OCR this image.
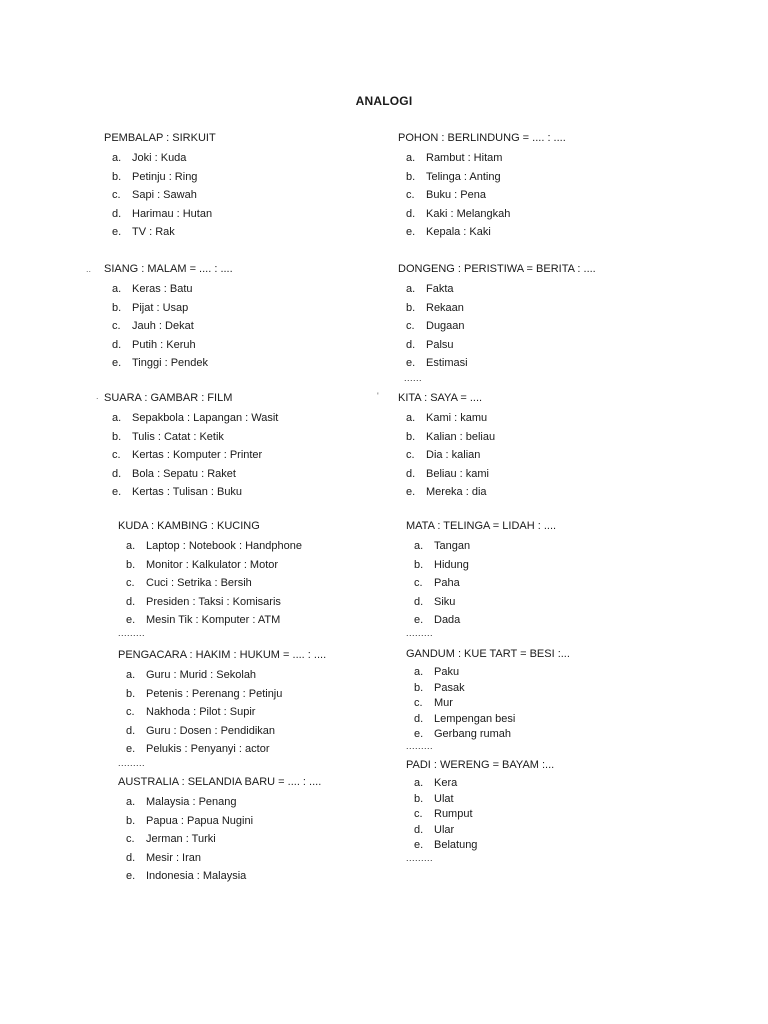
ANALOGI
..
.
PEMBALAP : SIRKUIT
a. Joki : Kuda
b. Petinju : Ring
c. Sapi : Sawah
d. Harimau : Hutan
e. TV : Rak
SIANG : MALAM = .... : ....
a. Keras : Batu
b. Pijat : Usap
c. Jauh : Dekat
d. Putih : Keruh
e. Tinggi : Pendek
SUARA : GAMBAR : FILM
a. Sepakbola : Lapangan : Wasit
b. Tulis : Catat : Ketik
c. Kertas : Komputer : Printer
d. Bola : Sepatu : Raket
e. Kertas : Tulisan : Buku
KUDA : KAMBING : KUCING
a. Laptop : Notebook : Handphone
b. Monitor : Kalkulator : Motor
c. Cuci : Setrika : Bersih
d. Presiden : Taksi : Komisaris
e. Mesin Tik : Komputer : ATM
.........
PENGACARA : HAKIM : HUKUM = .... : ....
a. Guru : Murid : Sekolah
b. Petenis : Perenang : Petinju
c. Nakhoda : Pilot : Supir
d. Guru : Dosen : Pendidikan
e. Pelukis : Penyanyi : actor
.........
AUSTRALIA : SELANDIA BARU = .... : ....
a. Malaysia : Penang
b. Papua : Papua Nugini
c. Jerman : Turki
d. Mesir : Iran
e. Indonesia : Malaysia
'
POHON : BERLINDUNG = .... : ....
a. Rambut : Hitam
b. Telinga : Anting
c. Buku : Pena
d. Kaki : Melangkah
e. Kepala : Kaki
DONGENG : PERISTIWA = BERITA : ....
a. Fakta
b. Rekaan
c. Dugaan
d. Palsu
e. Estimasi
......
KITA : SAYA = ....
a. Kami : kamu
b. Kalian : beliau
c. Dia : kalian
d. Beliau : kami
e. Mereka : dia
MATA : TELINGA = LIDAH : ....
a. Tangan
b. Hidung
c. Paha
d. Siku
e. Dada
.........
GANDUM : KUE TART = BESI :...
a. Paku
b. Pasak
c. Mur
d. Lempengan besi
e. Gerbang rumah
.........
PADI : WERENG = BAYAM :...
a. Kera
b. Ulat
c. Rumput
d. Ular
e. Belatung
.........
